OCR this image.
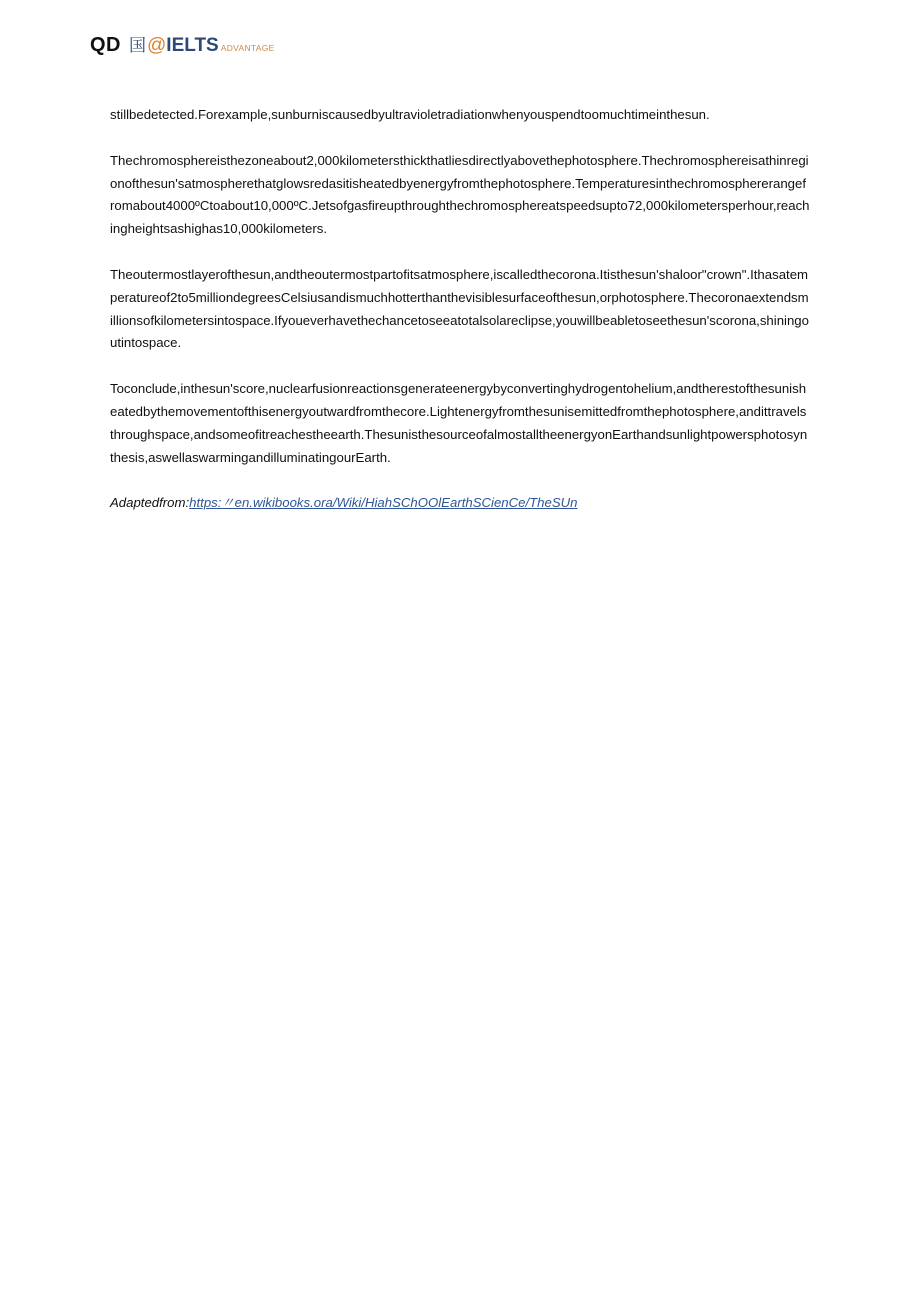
QD 国 @ IELTS ADVANTAGE

stillbedetected.Forexample,sunburniscausedbyultravioletradiationwhenyouspendtoomuchtimeinthesun.

Thechromosphereisthezoneabout2,000kilometersthickthatliesdirectlyabovethephotosphere.Thechromosphereisathinregionofthesun'satmospherethatglowsredasitisheatedbyenergyfromthephotosphere.Temperaturesinthechromosphererangefromabout4000ºCtoabout10,000ºC.Jetsofgasfireupthroughthechromosphereatspeedsupto72,000kilometersperhour,reachingheightsashighas10,000kilometers.

Theoutermostlayerofthesun,andtheoutermostpartofitsatmosphere,iscalledthecorona.Itisthesun'shaloor"crown".Ithasatemperatureof2to5milliondegreesCelsiusandismuchhotterthanthevisiblesurfaceofthesun,orphotosphere.Thecoronaextendsmillionsofkilometersintospace.Ifyoueverhavethechancetoseeatotalsolareclipse,youwillbeabletoseethesun'scorona,shiningoutintospace.

Toconclude,inthesun'score,nuclearfusionreactionsgenerateenergybyconvertinghydrogentohelium,andtherestofthesunisheatedbythemovementofthisenergyoutwardfromthecore.Lightenergyfromthesunisemittedfromthephotosphere,andittravelsthroughspace,andsomeofitreachestheearth.ThesunisthesourceofalmostalltheenergyonEarthandsunlightpowersphotosynthesis,aswellaswarmingandilluminatingourEarth.

Adaptedfrom:https:〃en.wikibooks.ora/Wiki/HiahSChOOlEarthSCienCe/TheSUn
